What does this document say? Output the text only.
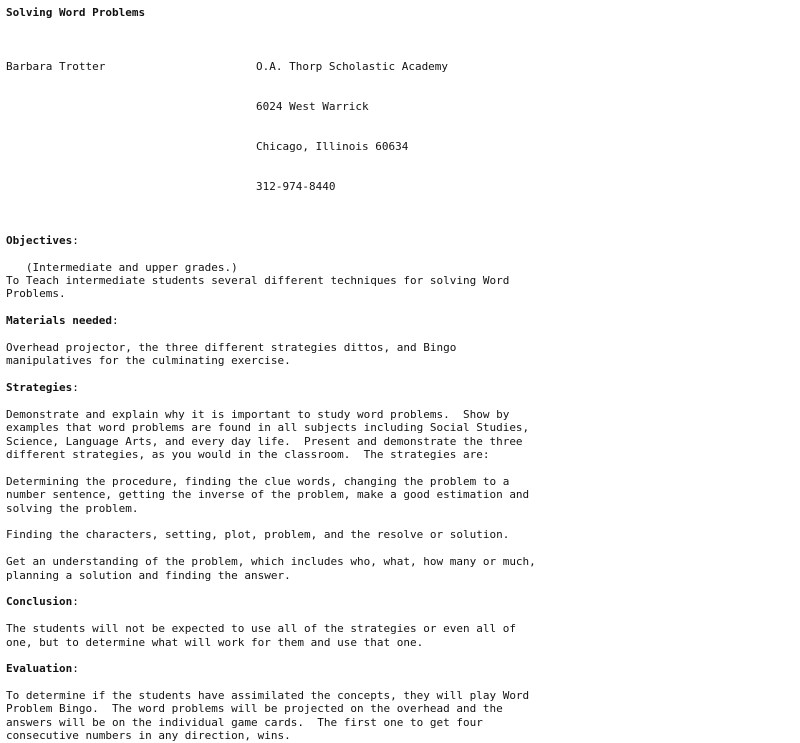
Solving Word Problems

Barbara Trotter

	O.A. Thorp Scholastic Academy

6024 West Warrick

Chicago, Illinois 60634

312-974-8440

Objectives:
(Intermediate and upper grades.)
To Teach intermediate students several different techniques for solving Word
Problems.
Materials needed:
Overhead projector, the three different strategies dittos, and Bingo
manipulatives for the culminating exercise.
Strategies:
Demonstrate and explain why it is important to study word problems.  Show by
examples that word problems are found in all subjects including Social Studies,
Science, Language Arts, and every day life.  Present and demonstrate the three
different strategies, as you would in the classroom.  The strategies are:
Determining the procedure, finding the clue words, changing the problem to a
number sentence, getting the inverse of the problem, make a good estimation and
solving the problem.
Finding the characters, setting, plot, problem, and the resolve or solution.
Get an understanding of the problem, which includes who, what, how many or much,
planning a solution and finding the answer.
Conclusion:
The students will not be expected to use all of the strategies or even all of
one, but to determine what will work for them and use that one.
Evaluation:
To determine if the students have assimilated the concepts, they will play Word
Problem Bingo.  The word problems will be projected on the overhead and the
answers will be on the individual game cards.  The first one to get four
consecutive numbers in any direction, wins.
